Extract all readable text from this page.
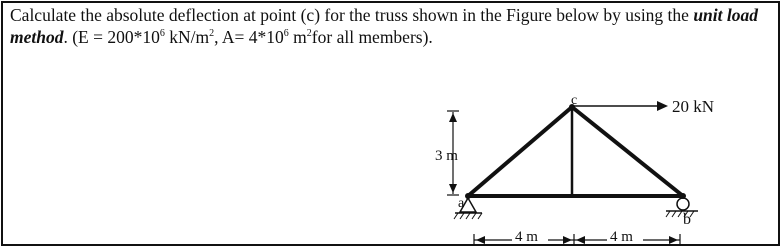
Calculate the absolute deflection at point (c) for the truss shown in the Figure below by using the unit load method. ($E = 200*10^6$ $kN/m^2$, $A= 4*10^6$ $m^2for$ all members).

20 kN
c
a
b
3 m
4 m	4 m
